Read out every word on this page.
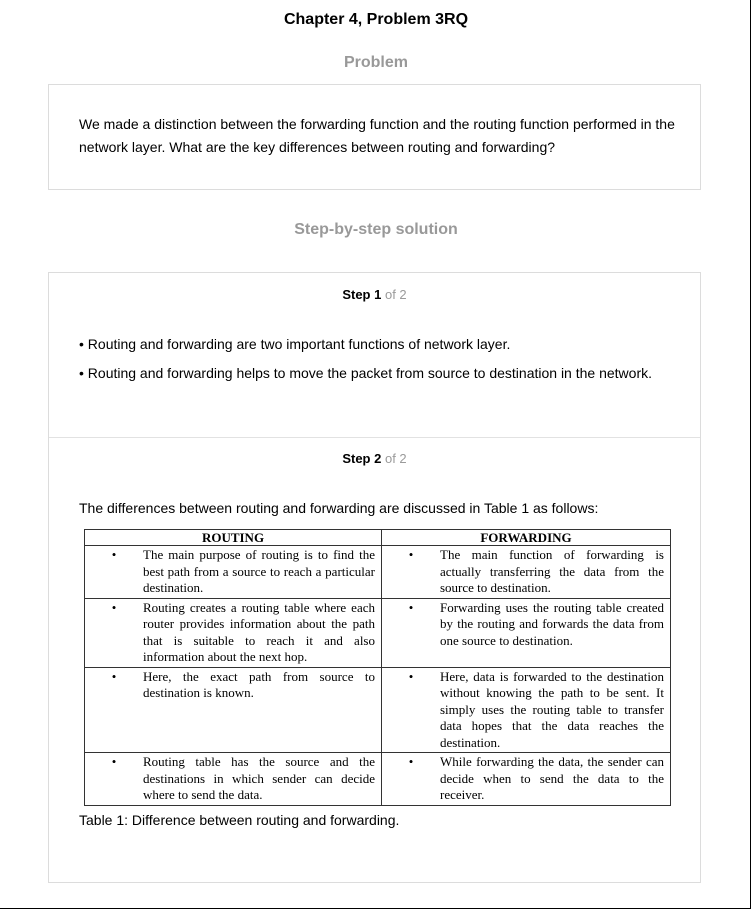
Chapter 4, Problem 3RQ
Problem
We made a distinction between the forwarding function and the routing function performed in the network layer. What are the key differences between routing and forwarding?
Step-by-step solution
Step 1 of 2
• Routing and forwarding are two important functions of network layer.
• Routing and forwarding helps to move the packet from source to destination in the network.
Step 2 of 2
The differences between routing and forwarding are discussed in Table 1 as follows:
ROUTING	FORWARDING

• The main purpose of routing is to find the best path from a source to reach a particular destination.	• The main function of forwarding is actually transferring the data from the source to destination.

• Routing creates a routing table where each router provides information about the path that is suitable to reach it and also information about the next hop.	• Forwarding uses the routing table created by the routing and forwards the data from one source to destination.

• Here, the exact path from source to destination is known.	• Here, data is forwarded to the destination without knowing the path to be sent. It simply uses the routing table to transfer data hopes that the data reaches the destination.

• Routing table has the source and the destinations in which sender can decide where to send the data.	• While forwarding the data, the sender can decide when to send the data to the receiver.
Table 1: Difference between routing and forwarding.
